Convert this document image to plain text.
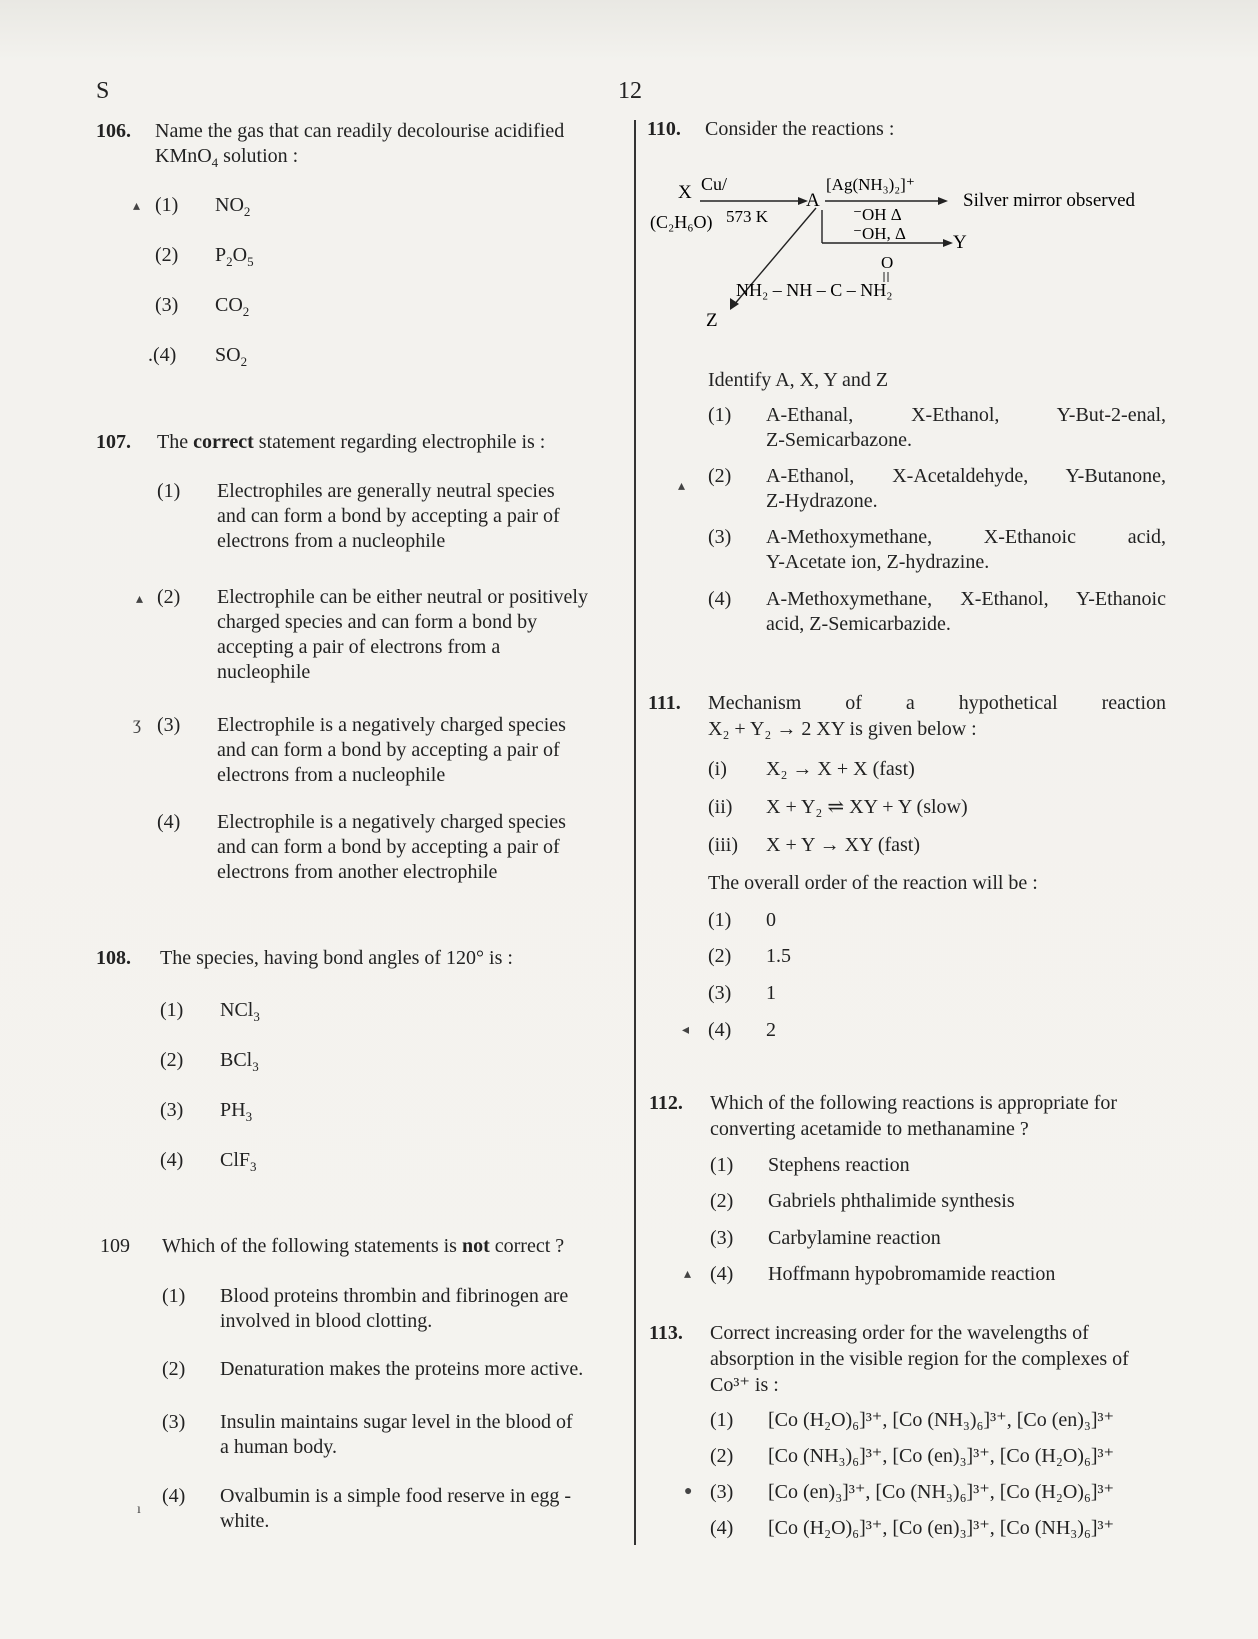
S	12
106. Name the gas that can readily decolourise acidified
KMnO$_4$ solution :
▴ (1)	$NO_2$
(2)	$P_2O_5$
(3)	$CO_2$
.(4)	$SO_2$
107. The correct statement regarding electrophile is :
(1)	Electrophiles are generally neutral species
and can form a bond by accepting a pair of
electrons from a nucleophile
▴ (2)	Electrophile can be either neutral or positively
charged species and can form a bond by
accepting a pair of electrons from a
nucleophile
ʒ (3)	Electrophile is a negatively charged species
and can form a bond by accepting a pair of
electrons from a nucleophile
(4)	Electrophile is a negatively charged species
and can form a bond by accepting a pair of
electrons from another electrophile
108. The species, having bond angles of 120° is :
(1)	NCl$_3$
(2)	BCl$_3$
(3)	$PH_3$
(4)	ClF$_3$
109 Which of the following statements is not correct ?
(1)	Blood proteins thrombin and fibrinogen are
involved in blood clotting.
(2)	Denaturation makes the proteins more active.
(3)	Insulin maintains sugar level in the blood of
a human body.
ı
(4)	Ovalbumin is a simple food reserve in egg -
white.
110. Consider the reactions :
X
(C₂H₆O)
Cu/
573 K
A
[Ag(NH₃)₂]⁺
⁻OH Δ
Silver mirror observed
⁻OH, Δ Y
O
NH₂ – NH – C – NH₂
Z
Identify A, X, Y and Z
(1)	A-Ethanal, X-Ethanol, Y-But-2-enal,
Z-Semicarbazone.
▴ (2)	A-Ethanol, X-Acetaldehyde, Y-Butanone,
Z-Hydrazone.
(3)	A-Methoxymethane, X-Ethanoic acid,
Y-Acetate ion, Z-hydrazine.
(4)	A-Methoxymethane, X-Ethanol, Y-Ethanoic
acid, Z-Semicarbazide.
111. Mechanism of a hypothetical reaction
X₂ + Y₂ → 2 XY is given below :
(i)	X₂ → X + X (fast)
(ii)	X + Y₂ ⇌ XY + Y (slow)
(iii)	X + Y → XY (fast)
The overall order of the reaction will be :
(1)	0
(2)	1.5
(3)	1
◂ (4)	2
112. Which of the following reactions is appropriate for
converting acetamide to methanamine ?
(1)	Stephens reaction
(2)	Gabriels phthalimide synthesis
(3)	Carbylamine reaction
▴ (4)	Hoffmann hypobromamide reaction
113. Correct increasing order for the wavelengths of
absorption in the visible region for the complexes of
Co³⁺ is :
(1)	[Co (H₂O)₆]³⁺, [Co (NH₃)₆]³⁺, [Co (en)₃]³⁺
(2)	[Co (NH₃)₆]³⁺, [Co (en)₃]³⁺, [Co (H₂O)₆]³⁺
● (3)	[Co (en)₃]³⁺, [Co (NH₃)₆]³⁺, [Co (H₂O)₆]³⁺
(4)	[Co (H₂O)₆]³⁺, [Co (en)₃]³⁺, [Co (NH₃)₆]³⁺
